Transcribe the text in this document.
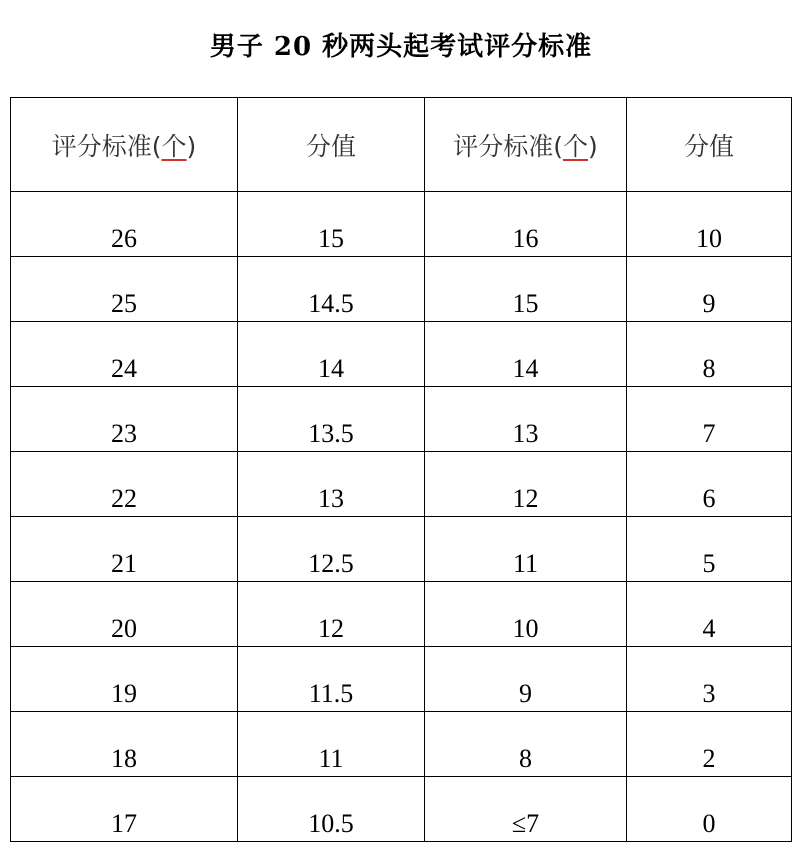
男子 20 秒两头起考试评分标准
评分标准(个)	分值	评分标准(个)	分值
26	15	16	10
25	14.5	15	9
24	14	14	8
23	13.5	13	7
22	13	12	6
21	12.5	11	5
20	12	10	4
19	11.5	9	3
18	11	8	2
17	10.5	≤7	0
